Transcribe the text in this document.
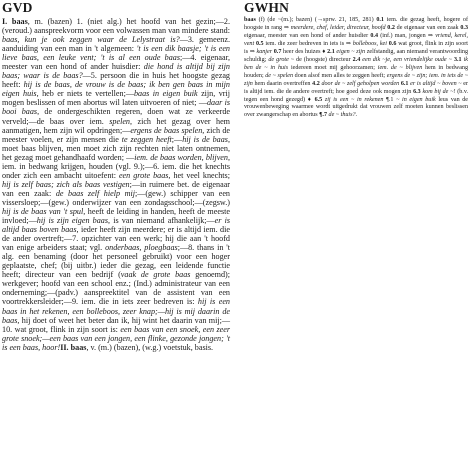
GVD
I. baas, m. (bazen) 1. (niet alg.) het hoofd van het gezin;—2. (veroud.) aanspreekvorm voor een volwassen man van mindere stand: baas, kun je ook zeggen waar de Lelystraat is?—3. gemeenz. aanduiding van een man in 't algemeen: 't is een dik baasje; 't is een lieve baas, een leuke vent; 't is al een oude baas;—4. eigenaar, meester van een hond of ander huisdier: die hond is altijd bij zijn baas; waar is de baas?—5. persoon die in huis het hoogste gezag heeft: hij is de baas, de vrouw is de baas; ik ben gen baas in mijn eigen huis, heb er niets te vertellen;—baas in eigen buik zijn, vrij mogen beslissen of men abortus wil laten uitvoeren of niet; —daar is booi baas, de ondergeschikten regeren, doen wat ze verkeerde verveld;—de baas over iem. spelen, zich het gezag over hem aanmatigen, hem zijn wil opdringen;—ergens de baas spelen, zich de meester voelen, er zijn mensen die te zeggen heeft;—hij is de baas, moet baas blijven, men moet zich zijn rechten niet laten ontnemen, het gezag moet gehandhaafd worden; —iem. de baas worden, blijven, iem. in bedwang krijgen, houden (vgl. 9.);—6. iem. die het knechts onder zich een ambacht uitoefent: een grote baas, het veel knechts; hij is zelf baas; zich als baas vestigen;—in ruimere bet. de eigenaar van een zaak: de baas zelf hielp mij;—(gew.) schipper van een vissersloep;—(gew.) onderwijzer van een zondagsschool;—(zegsw.) hij is de baas van 't spul, heeft de leiding in handen, heeft de meeste invloed;—hij is zijn eigen baas, is van niemand afhankelijk;—er is altijd baas boven baas, ieder heeft zijn meerdere; er is altijd iem. die de ander overtreft;—7. opzichter van een werk; hij die aan 't hoofd van enige arbeiders staat; vgl. onderbaas, ploegbaas;—8. thans in 't alg. een benaming (door het personeel gebruikt) voor een hoger geplaatste, chef; (bij uitbr.) ieder die gezag, een leidende functie heeft; directeur van een bedrijf (vaak de grote baas genoemd); werkgever; hoofd van een school enz.; (Ind.) administrateur van een onderneming;—(padv.) aanspreektitel van de assistent van een voortrekkersleider;—9. iem. die in iets zeer bedreven is: hij is een baas in het rekenen, een bolleboos, zeer knap;—hij is mij daarin de baas, hij doet of weet het beter dan ik, hij wint het daarin van mij;—10. wat groot, flink in zijn soort is: een baas van een snoek, een zeer grote snoek;—een baas van een jongen, een flinke, gezonde jongen; 't is een baas, hoor!II. baas, v. (m.) (bazen), (w.g.) voetstuk, basis.
GWHN
baas (f) (de ~(m.); bazen) (→sprw. 21, 185, 281) 0.1 iem. die gezag heeft, hogere of hoogste in rang ⇒ meerdere, chef, leider, directeur, hoofd 0.2 de eigenaar van een zaak 0.3 eigenaar, meester van een hond of ander huisdier 0.4 (inf.) man, jongen ⇒ vriend, kerel, vent 0.5 iem. die zeer bedreven in iets is ⇒ bolleboos, kei 0.6 wat groot, flink in zijn soort is ⇒ kanjer 0.7 heer des huizes ♦ 2.1 eigen ~ zijn zelfstandig, aan niemand verantwoording schuldig; de grote ~ de (hoogste) directeur 2.4 een dik ~je, een vriendelijke oude ~ 3.1 ik ben de ~ in huis iedereen moet mij gehoorzamen; iem. de ~ blijven hem in bedwang houden; de ~ spelen doen alsof men alles te zeggen heeft; ergens de ~ zijn; iem. in iets de ~ zijn hem daarin overtreffen 4.2 door de ~ zelf geholpen worden 6.1 er is altijd ~ boven ~ er is altijd iem. die de andere overtreft; hoe goed deze ook mogen zijn 6.3 kom bij de ~! (b.v. tegen een hond gezegd) ♦ 6.5 zij is een ~ in rekenen ¶.1 ~ in eigen buik leus van de vrouwenbeweging waarmee wordt uitgedrukt dat vrouwen zelf moeten kunnen beslissen over zwangerschap en abortus ¶.7 de ~ thuis?.
